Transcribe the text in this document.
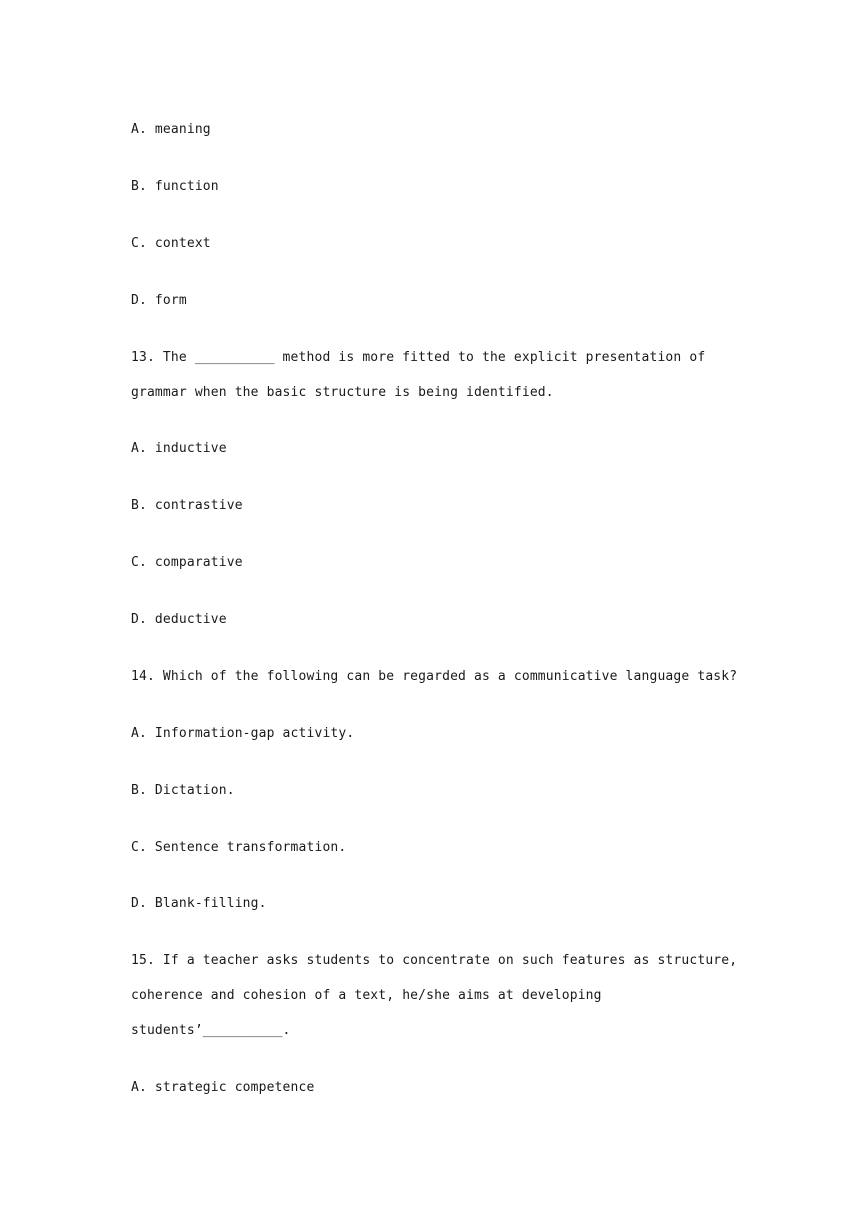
A. meaning
B. function
C. context
D. form
13. The __________ method is more fitted to the explicit presentation of
grammar when the basic structure is being identified.
A. inductive
B. contrastive
C. comparative
D. deductive
14. Which of the following can be regarded as a communicative language task?
A. Information-gap activity.
B. Dictation.
C. Sentence transformation.
D. Blank-filling.
15. If a teacher asks students to concentrate on such features as structure,
coherence and cohesion of a text, he/she aims at developing
students’__________.
A. strategic competence
